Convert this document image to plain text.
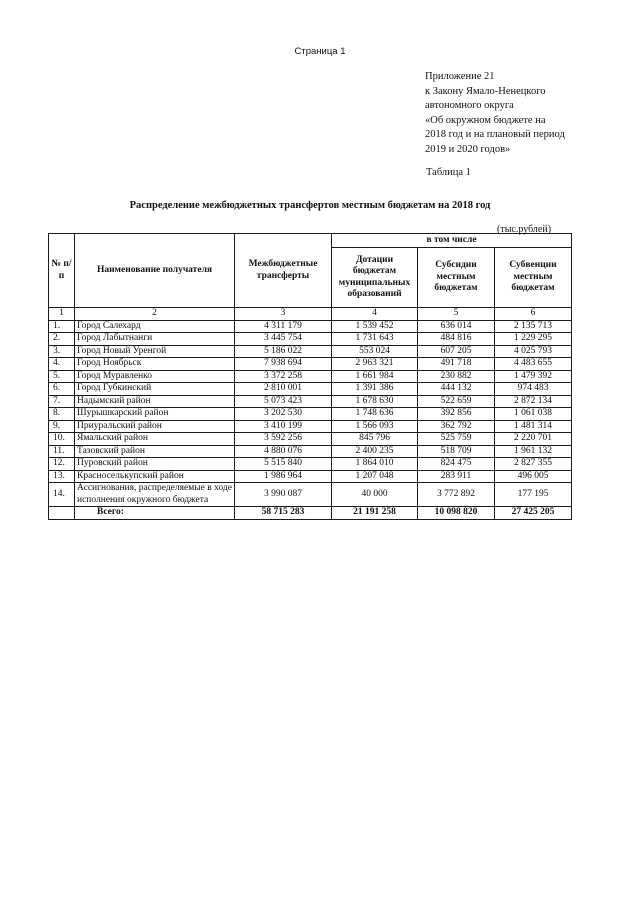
Страница 1
Приложение 21
к Закону Ямало-Ненецкого
автономного округа
«Об окружном бюджете на
2018 год и на плановый период
2019 и 2020 годов»
Таблица 1
Распределение межбюджетных трансфертов местным бюджетам на 2018 год
(тыс.рублей)
№ п/п	Наименование получателя	Межбюджетные трансферты	в том числе		
			Дотации бюджетам муниципальных образований	Субсидии местным бюджетам	Субвенции местным бюджетам
1	2	3	4	5	6
1.	Город Салехард	4 311 179	1 539 452	636 014	2 135 713
2.	Город Лабытнанги	3 445 754	1 731 643	484 816	1 229 295
3.	Город Новый Уренгой	5 186 022	553 024	607 205	4 025 793
4.	Город Ноябрьск	7 938 694	2 963 321	491 718	4 483 655
5.	Город Муравленко	3 372 258	1 661 984	230 882	1 479 392
6.	Город Губкинский	2 810 001	1 391 386	444 132	974 483
7.	Надымский район	5 073 423	1 678 630	522 659	2 872 134
8.	Шурышкарский район	3 202 530	1 748 636	392 856	1 061 038
9.	Приуральский район	3 410 199	1 566 093	362 792	1 481 314
10.	Ямальский район	3 592 256	845 796	525 759	2 220 701
11.	Тазовский район	4 880 076	2 400 235	518 709	1 961 132
12.	Пуровский район	5 515 840	1 864 010	824 475	2 827 355
13.	Красноселькупский район	1 986 964	1 207 048	283 911	496 005
14.	Ассигнования, распределяемые в ходе исполнения окружного бюджета	3 990 087	40 000	3 772 892	177 195
	Всего:	58 715 283	21 191 258	10 098 820	27 425 205
